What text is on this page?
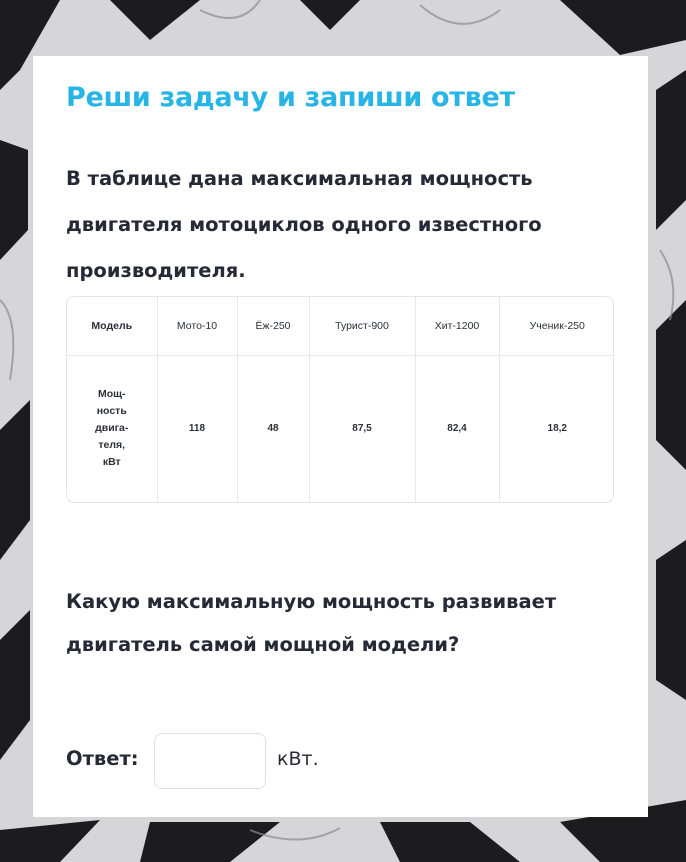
Реши задачу и запиши ответ
В таблице дана максимальная мощность двигателя мотоциклов одного известного производителя.
Модель	Мото-10	Ёж-250	Турист-900	Хит-1200	Ученик-250

Мощ-
ность
двига-
теля,
кВт	118	48	87,5	82,4	18,2
Какую максимальную мощность развивает двигатель самой мощной модели?
Ответ:	кВт.
